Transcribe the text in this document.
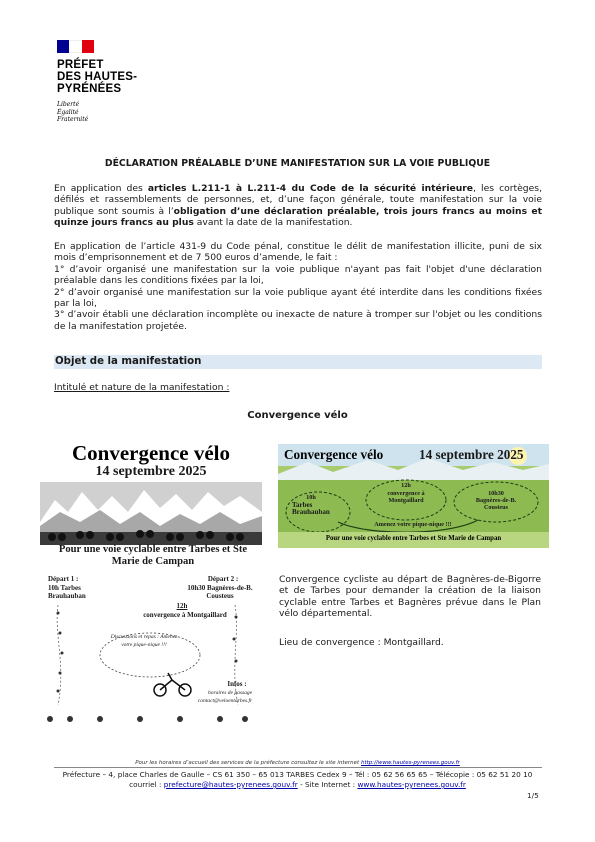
PRÉFET
DES HAUTES-
PYRÉNÉES
Liberté
Égalité
Fraternité
DÉCLARATION PRÉALABLE D’UNE MANIFESTATION SUR LA VOIE PUBLIQUE
En application des articles L.211-1 à L.211-4 du Code de la sécurité intérieure, les cortèges, défilés et rassemblements de personnes, et, d’une façon générale, toute manifestation sur la voie publique sont soumis à l’obligation d’une déclaration préalable, trois jours francs au moins et quinze jours francs au plus avant la date de la manifestation.
En application de l’article 431-9 du Code pénal, constitue le délit de manifestation illicite, puni de six mois d’emprisonnement et de 7 500 euros d’amende, le fait :
1° d’avoir organisé une manifestation sur la voie publique n'ayant pas fait l'objet d'une déclaration préalable dans les conditions fixées par la loi,
2° d’avoir organisé une manifestation sur la voie publique ayant été interdite dans les conditions fixées par la loi,
3° d’avoir établi une déclaration incomplète ou inexacte de nature à tromper sur l'objet ou les conditions de la manifestation projetée.
Objet de la manifestation
Intitulé et nature de la manifestation :
Convergence vélo
Convergence vélo
14 septembre 2025
Pour une voie cyclable entre Tarbes et Ste Marie de Campan
Départ 1 :
10h Tarbes Brauhauban
Départ 2 :
10h30 Bagnères-de-B. Cousteus
12h
convergence à Montgaillard
Discussions et repas : Amenez votre pique-nique !!!
Infos :
horaires de passage
contact@veloentarbes.fr
Convergence vélo	14 septembre 2025
10h
Tarbes Brauhauban
12h
convergence à Montgaillard
10h30
Bagnères-de-B. Cousteus
Amenez votre pique-nique !!!
Pour une voie cyclable entre Tarbes et Ste Marie de Campan
Convergence cycliste au départ de Bagnères-de-Bigorre et de Tarbes pour demander la création de la liaison cyclable entre Tarbes et Bagnères prévue dans le Plan vélo départemental.
Lieu de convergence : Montgaillard.
Pour les horaires d’accueil des services de la préfecture consultez le site internet http://www.hautes-pyrenees.gouv.fr
Préfecture – 4, place Charles de Gaulle – CS 61 350 – 65 013 TARBES Cedex 9 – Tél : 05 62 56 65 65 – Télécopie : 05 62 51 20 10
courriel : prefecture@hautes-pyrenees.gouv.fr - Site Internet : www.hautes-pyrenees.gouv.fr
1/5
